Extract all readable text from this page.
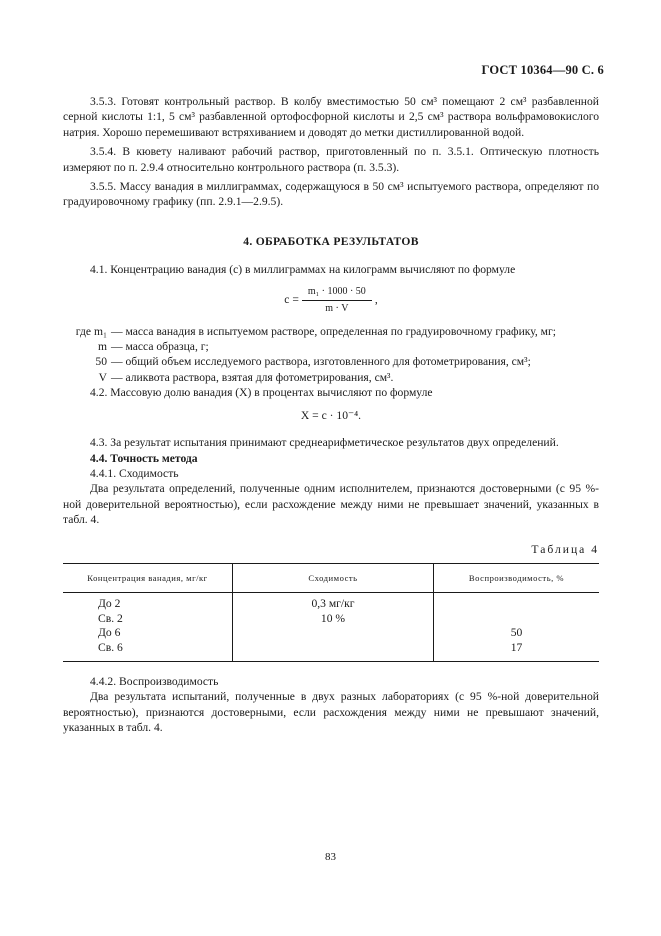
ГОСТ 10364—90 С. 6

3.5.3. Готовят контрольный раствор. В колбу вместимостью 50 см³ помещают 2 см³ разбавленной серной кислоты 1:1, 5 см³ разбавленной ортофосфорной кислоты и 2,5 см³ раствора вольфрамовокислого натрия. Хорошо перемешивают встряхиванием и доводят до метки дистиллированной водой.

3.5.4. В кювету наливают рабочий раствор, приготовленный по п. 3.5.1. Оптическую плотность измеряют по п. 2.9.4 относительно контрольного раствора (п. 3.5.3).

3.5.5. Массу ванадия в миллиграммах, содержащуюся в 50 см³ испытуемого раствора, определяют по градуировочному графику (пп. 2.9.1—2.9.5).

4. ОБРАБОТКА РЕЗУЛЬТАТОВ

4.1. Концентрацию ванадия (c) в миллиграммах на килограмм вычисляют по формуле

$c = \frac{\text{m₁ · 1000 · 50}}{m \cdot V}$ ,
где m₁ — масса ванадия в испытуемом растворе, определенная по градуировочному графику, мг;
m — масса образца, г;
50 — общий объем исследуемого раствора, изготовленного для фотометрирования, см³;
V — аликвота раствора, взятая для фотометрирования, см³.

4.2. Массовую долю ванадия (X) в процентах вычисляют по формуле

X = c · 10⁻⁴.

4.3. За результат испытания принимают среднеарифметическое результатов двух определений.

4.4. Точность метода

4.4.1. Сходимость

Два результата определений, полученные одним исполнителем, признаются достоверными (с 95 %-ной доверительной вероятностью), если расхождение между ними не превышает значений, указанных в табл. 4.

Таблица 4
Концентрация ванадия, мг/кг	Сходимость	Воспроизводимость, %
До 2	0,3 мг/кг	
Св. 2	10 %	
До 6		50
Св. 6		17

4.4.2. Воспроизводимость

Два результата испытаний, полученные в двух разных лабораториях (с 95 %-ной доверительной вероятностью), признаются достоверными, если расхождения между ними не превышают значений, указанных в табл. 4.

83
